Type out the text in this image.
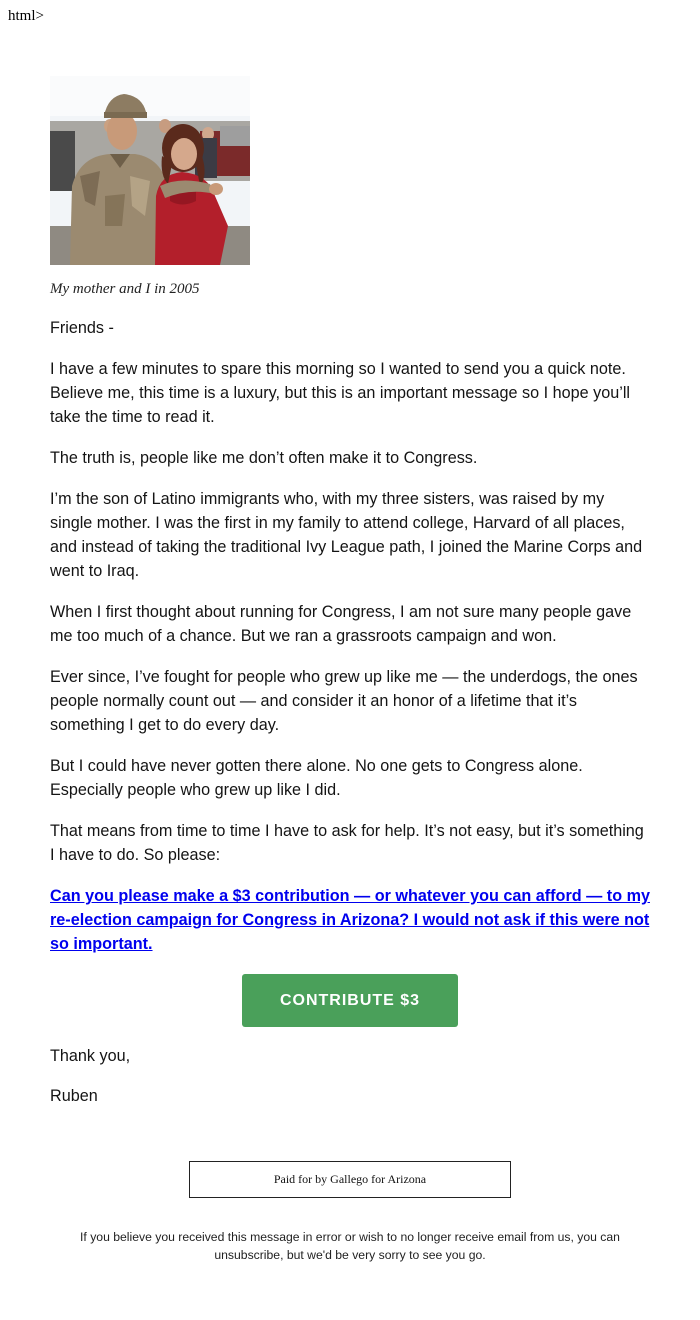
html>

My mother and I in 2005

Friends -

I have a few minutes to spare this morning so I wanted to send you a quick note. Believe me, this time is a luxury, but this is an important message so I hope you’ll take the time to read it.

The truth is, people like me don’t often make it to Congress.

I’m the son of Latino immigrants who, with my three sisters, was raised by my single mother. I was the first in my family to attend college, Harvard of all places, and instead of taking the traditional Ivy League path, I joined the Marine Corps and went to Iraq.

When I first thought about running for Congress, I am not sure many people gave me too much of a chance. But we ran a grassroots campaign and won.

Ever since, I’ve fought for people who grew up like me — the underdogs, the ones people normally count out — and consider it an honor of a lifetime that it’s something I get to do every day.

But I could have never gotten there alone. No one gets to Congress alone. Especially people who grew up like I did.

That means from time to time I have to ask for help. It’s not easy, but it’s something I have to do. So please:

Can you please make a $3 contribution — or whatever you can afford — to my re-election campaign for Congress in Arizona? I would not ask if this were not so important.
CONTRIBUTE $3

Thank you,

Ruben

Paid for by Gallego for Arizona
If you believe you received this message in error or wish to no longer receive email from us, you can unsubscribe, but we'd be very sorry to see you go.
